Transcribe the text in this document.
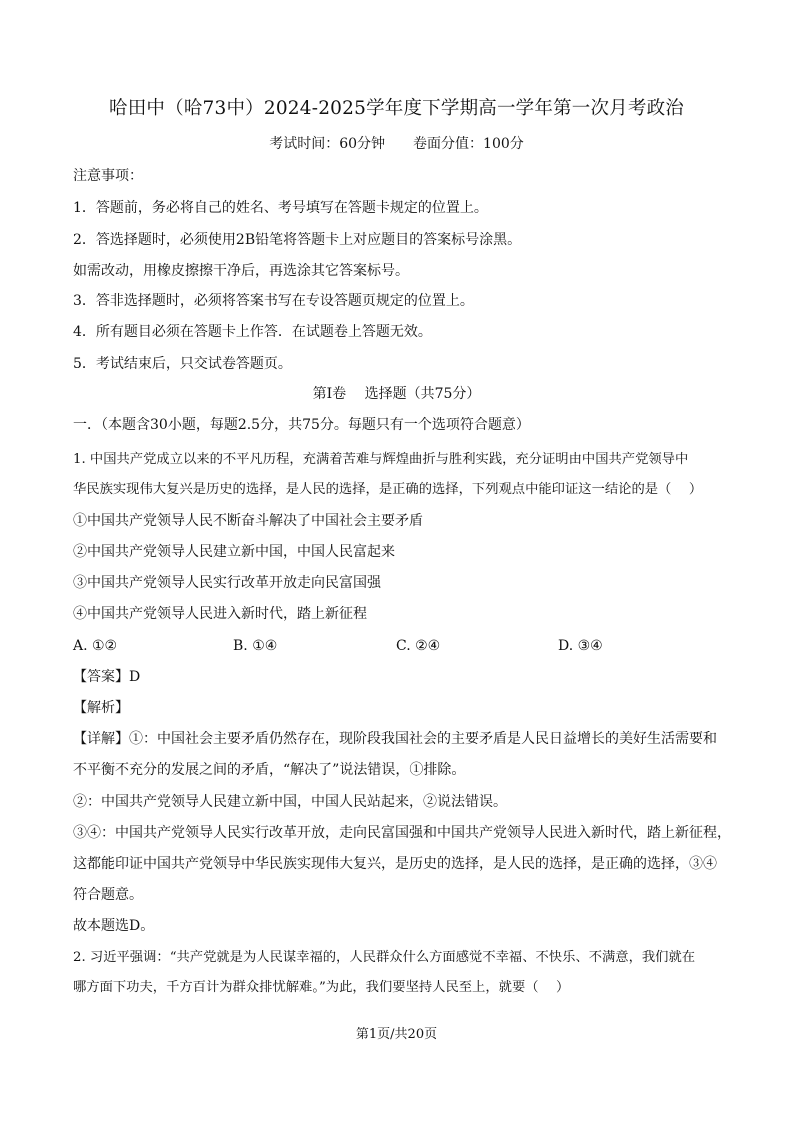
哈田中（哈73中）2024-2025学年度下学期高一学年第一次月考政治
考试时间：60分钟　　卷面分值：100分
注意事项：
1．答题前，务必将自己的姓名、考号填写在答题卡规定的位置上。
2．答选择题时，必须使用2B铅笔将答题卡上对应题目的答案标号涂黑。
如需改动，用橡皮擦擦干净后，再选涂其它答案标号。
3．答非选择题时，必须将答案书写在专设答题页规定的位置上。
4．所有题目必须在答题卡上作答．在试题卷上答题无效。
5．考试结束后，只交试卷答题页。
第Ⅰ卷　 选择题（共75分）
一．（本题含30小题，每题2.5分，共75分。每题只有一个选项符合题意）
1. 中国共产党成立以来的不平凡历程，充满着苦难与辉煌曲折与胜利实践，充分证明由中国共产党领导中
华民族实现伟大复兴是历史的选择，是人民的选择，是正确的选择，下列观点中能印证这一结论的是（　 ）
①中国共产党领导人民不断奋斗解决了中国社会主要矛盾
②中国共产党领导人民建立新中国，中国人民富起来
③中国共产党领导人民实行改革开放走向民富国强
④中国共产党领导人民进入新时代，踏上新征程
A. ①②	B. ①④	C. ②④	D. ③④
【答案】D
【解析】
【详解】①：中国社会主要矛盾仍然存在，现阶段我国社会的主要矛盾是人民日益增长的美好生活需要和
不平衡不充分的发展之间的矛盾，“解决了”说法错误，①排除。
②：中国共产党领导人民建立新中国，中国人民站起来，②说法错误。
③④：中国共产党领导人民实行改革开放，走向民富国强和中国共产党领导人民进入新时代，踏上新征程，
这都能印证中国共产党领导中华民族实现伟大复兴，是历史的选择，是人民的选择，是正确的选择，③④
符合题意。
故本题选D。
2. 习近平强调：“共产党就是为人民谋幸福的，人民群众什么方面感觉不幸福、不快乐、不满意，我们就在
哪方面下功夫，千方百计为群众排忧解难。”为此，我们要坚持人民至上，就要（　 ）
第1页/共20页
